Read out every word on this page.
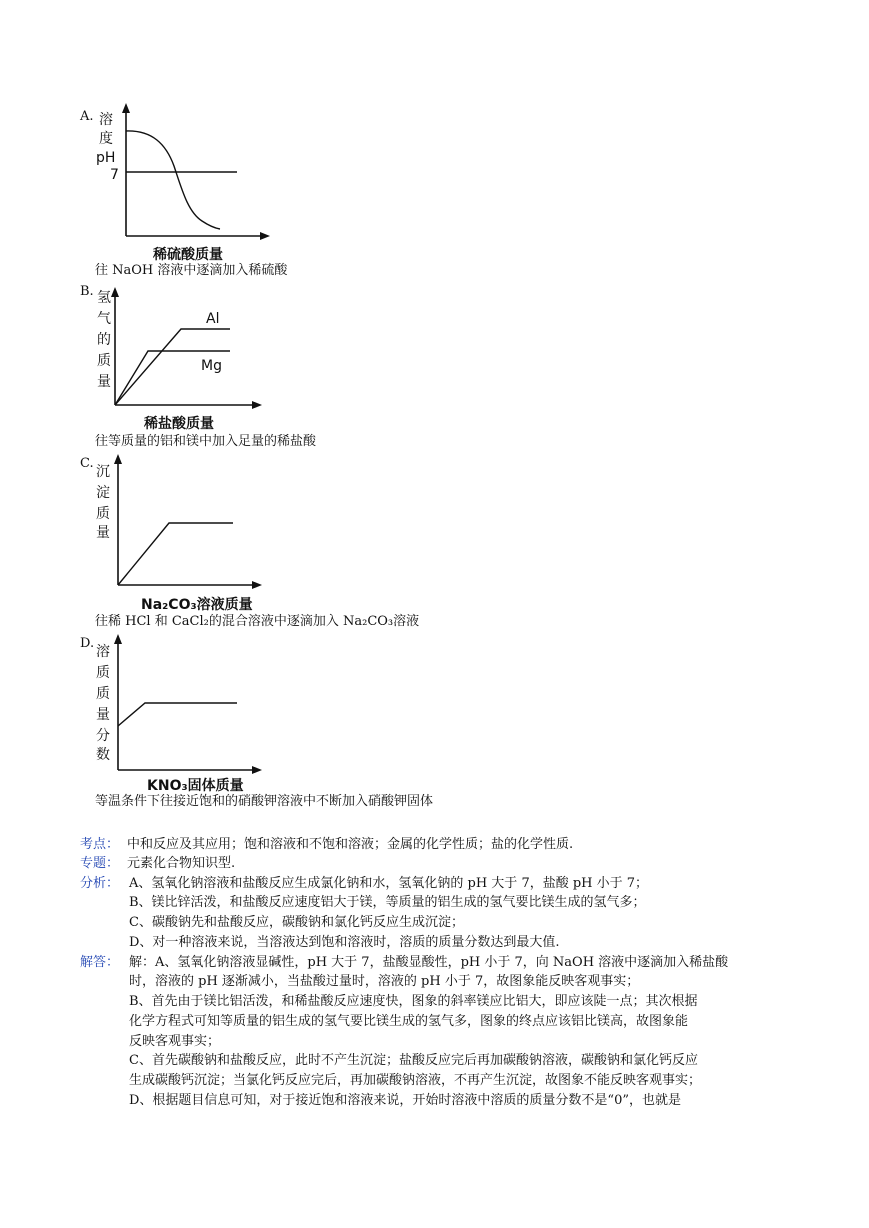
A. 溶
度
pH
7
稀硫酸质量
往 NaOH 溶液中逐滴加入稀硫酸
B. 氢
气
的
质
量
Al
Mg
稀盐酸质量
往等质量的铝和镁中加入足量的稀盐酸
C.
沉
淀
质
量
Na₂CO₃溶液质量
往稀 HCl 和 CaCl₂的混合溶液中逐滴加入 Na₂CO₃溶液
D.
溶
质
质
量
分
数
KNO₃固体质量
等温条件下往接近饱和的硝酸钾溶液中不断加入硝酸钾固体
考点： 中和反应及其应用；饱和溶液和不饱和溶液；金属的化学性质；盐的化学性质.
专题： 元素化合物知识型.
分析： A、氢氧化钠溶液和盐酸反应生成氯化钠和水，氢氧化钠的 pH 大于 7，盐酸 pH 小于 7；
B、镁比锌活泼，和盐酸反应速度铝大于镁，等质量的铝生成的氢气要比镁生成的氢气多；
C、碳酸钠先和盐酸反应，碳酸钠和氯化钙反应生成沉淀；
D、对一种溶液来说，当溶液达到饱和溶液时，溶质的质量分数达到最大值.
解答： 解：A、氢氧化钠溶液显碱性，pH 大于 7，盐酸显酸性，pH 小于 7，向 NaOH 溶液中逐滴加入稀盐酸
时，溶液的 pH 逐渐减小，当盐酸过量时，溶液的 pH 小于 7，故图象能反映客观事实；
B、首先由于镁比铝活泼，和稀盐酸反应速度快，图象的斜率镁应比铝大，即应该陡一点；其次根据
化学方程式可知等质量的铝生成的氢气要比镁生成的氢气多，图象的终点应该铝比镁高，故图象能
反映客观事实；
C、首先碳酸钠和盐酸反应，此时不产生沉淀；盐酸反应完后再加碳酸钠溶液，碳酸钠和氯化钙反应
生成碳酸钙沉淀；当氯化钙反应完后，再加碳酸钠溶液，不再产生沉淀，故图象不能反映客观事实；
D、根据题目信息可知，对于接近饱和溶液来说，开始时溶液中溶质的质量分数不是“0”，也就是
